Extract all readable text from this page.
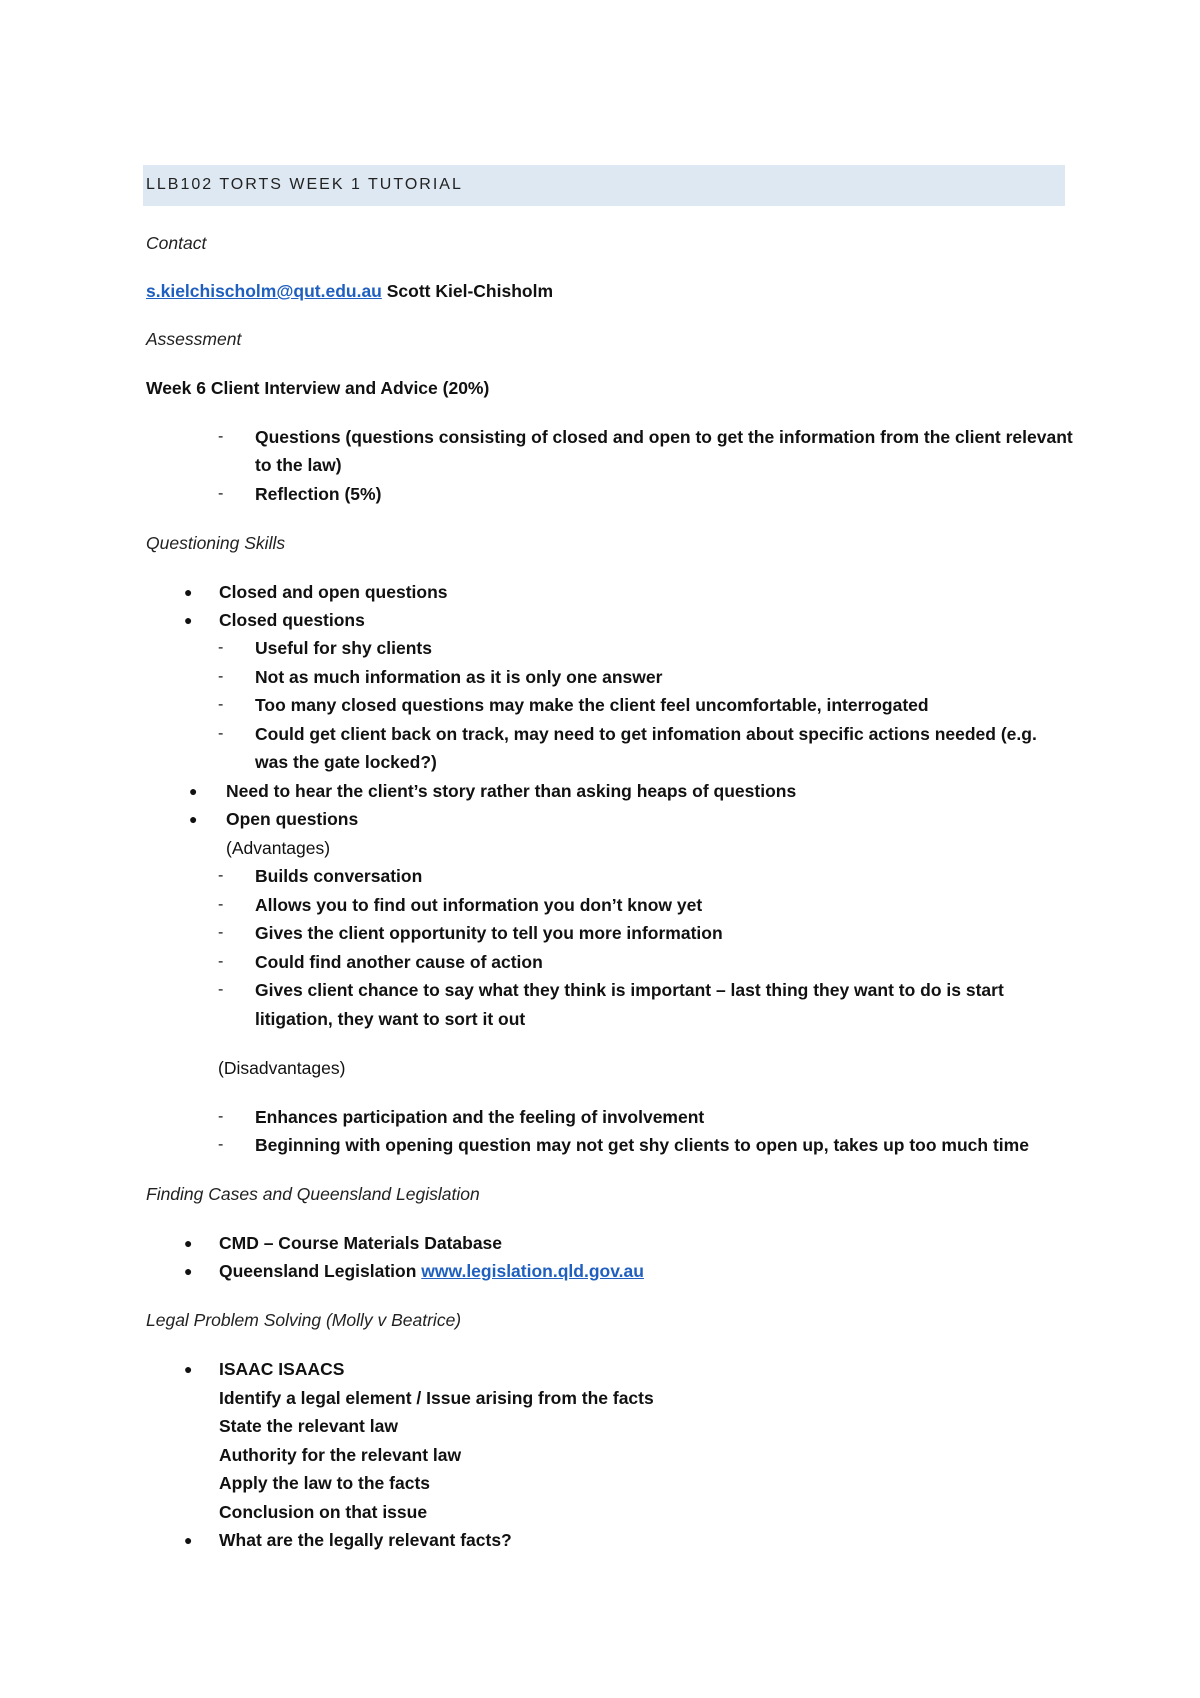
LLB102 TORTS WEEK 1 TUTORIAL
Contact
s.kielchischolm@qut.edu.au Scott Kiel-Chisholm
Assessment
Week 6 Client Interview and Advice (20%)
- Questions (questions consisting of closed and open to get the information from the client relevant
to the law)
- Reflection (5%)
Questioning Skills
● Closed and open questions
● Closed questions
- Useful for shy clients
- Not as much information as it is only one answer
- Too many closed questions may make the client feel uncomfortable, interrogated
- Could get client back on track, may need to get infomation about specific actions needed (e.g.
was the gate locked?)
● Need to hear the client’s story rather than asking heaps of questions
● Open questions
(Advantages)
- Builds conversation
- Allows you to find out information you don’t know yet
- Gives the client opportunity to tell you more information
- Could find another cause of action
- Gives client chance to say what they think is important – last thing they want to do is start
litigation, they want to sort it out
(Disadvantages)
- Enhances participation and the feeling of involvement
- Beginning with opening question may not get shy clients to open up, takes up too much time
Finding Cases and Queensland Legislation
● CMD – Course Materials Database
● Queensland Legislation www.legislation.qld.gov.au
Legal Problem Solving (Molly v Beatrice)
● ISAAC ISAACS
Identify a legal element / Issue arising from the facts
State the relevant law
Authority for the relevant law
Apply the law to the facts
Conclusion on that issue
● What are the legally relevant facts?
